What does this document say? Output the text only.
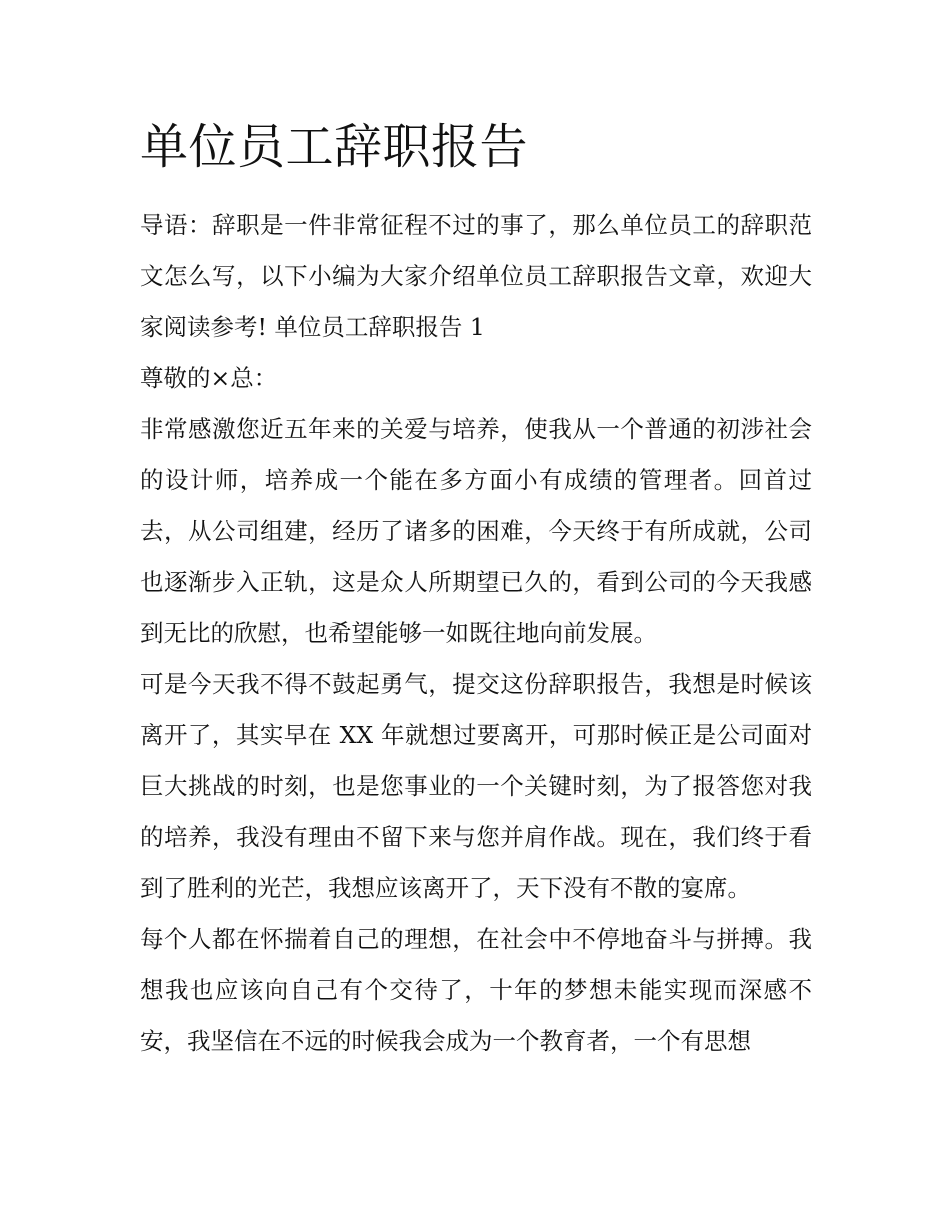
单位员工辞职报告

导语：辞职是一件非常征程不过的事了，那么单位员工的辞职范文怎么写，以下小编为大家介绍单位员工辞职报告文章，欢迎大家阅读参考! 单位员工辞职报告 1

尊敬的×总：

非常感激您近五年来的关爱与培养，使我从一个普通的初涉社会的设计师，培养成一个能在多方面小有成绩的管理者。回首过去，从公司组建，经历了诸多的困难，今天终于有所成就，公司也逐渐步入正轨，这是众人所期望已久的，看到公司的今天我感到无比的欣慰，也希望能够一如既往地向前发展。

可是今天我不得不鼓起勇气，提交这份辞职报告，我想是时候该离开了，其实早在 XX 年就想过要离开，可那时候正是公司面对巨大挑战的时刻，也是您事业的一个关键时刻，为了报答您对我的培养，我没有理由不留下来与您并肩作战。现在，我们终于看到了胜利的光芒，我想应该离开了，天下没有不散的宴席。

每个人都在怀揣着自己的理想，在社会中不停地奋斗与拼搏。我想我也应该向自己有个交待了，十年的梦想未能实现而深感不安，我坚信在不远的时候我会成为一个教育者，一个有思想
